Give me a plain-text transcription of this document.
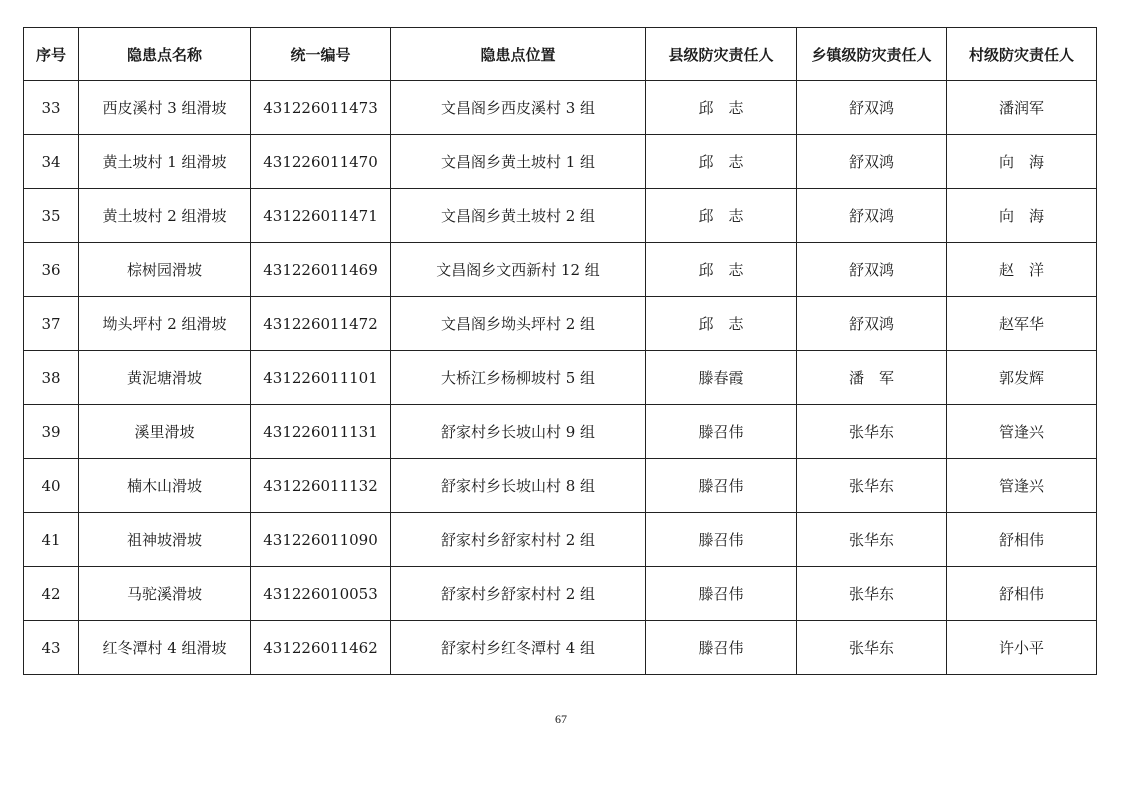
序号	隐患点名称	统一编号	隐患点位置	县级防灾责任人	乡镇级防灾责任人	村级防灾责任人
33	西皮溪村 3 组滑坡	431226011473	文昌阁乡西皮溪村 3 组	邱　志	舒双鸿	潘润军
34	黄土坡村 1 组滑坡	431226011470	文昌阁乡黄土坡村 1 组	邱　志	舒双鸿	向　海
35	黄土坡村 2 组滑坡	431226011471	文昌阁乡黄土坡村 2 组	邱　志	舒双鸿	向　海
36	棕树园滑坡	431226011469	文昌阁乡文西新村 12 组	邱　志	舒双鸿	赵　洋
37	坳头坪村 2 组滑坡	431226011472	文昌阁乡坳头坪村 2 组	邱　志	舒双鸿	赵军华
38	黄泥塘滑坡	431226011101	大桥江乡杨柳坡村 5 组	滕春霞	潘　军	郭发辉
39	溪里滑坡	431226011131	舒家村乡长坡山村 9 组	滕召伟	张华东	管逢兴
40	楠木山滑坡	431226011132	舒家村乡长坡山村 8 组	滕召伟	张华东	管逢兴
41	祖神坡滑坡	431226011090	舒家村乡舒家村村 2 组	滕召伟	张华东	舒相伟
42	马驼溪滑坡	431226010053	舒家村乡舒家村村 2 组	滕召伟	张华东	舒相伟
43	红冬潭村 4 组滑坡	431226011462	舒家村乡红冬潭村 4 组	滕召伟	张华东	许小平
67
